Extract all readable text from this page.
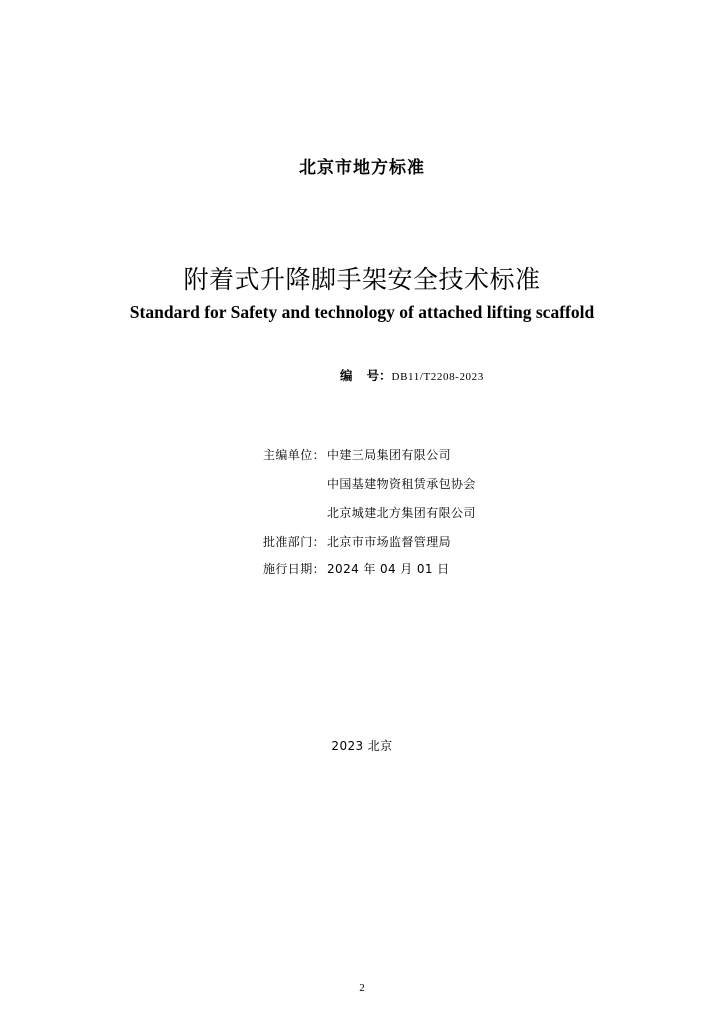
北京市地方标准
附着式升降脚手架安全技术标准
Standard for Safety and technology of attached lifting scaffold
编 号：DB11/T2208-2023
主编单位： 中建三局集团有限公司
中国基建物资租赁承包协会
北京城建北方集团有限公司
批准部门： 北京市市场监督管理局
施行日期： 2024 年 04 月 01 日
2023 北京
2
